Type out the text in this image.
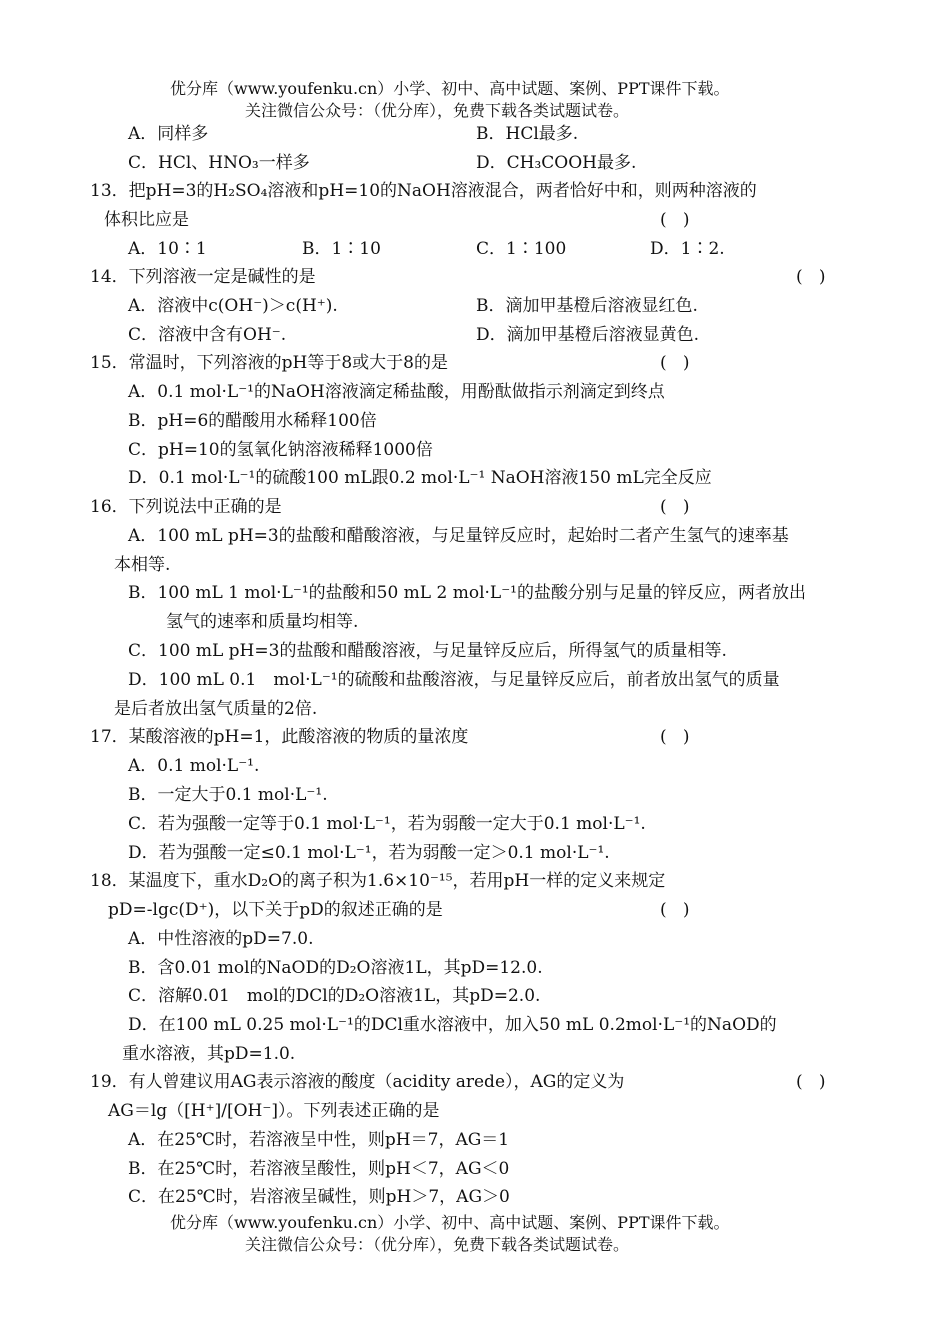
优分库（www.youfenku.cn）小学、初中、高中试题、案例、PPT课件下载。
关注微信公众号：（优分库），免费下载各类试题试卷。
A．同样多	B．HCl最多.
C．HCl、HNO₃一样多	D．CH₃COOH最多.
13．把pH=3的H₂SO₄溶液和pH=10的NaOH溶液混合，两者恰好中和，则两种溶液的
体积比应是	(   )
A．10∶1	B．1∶10	C．1∶100	D．1∶2.
14．下列溶液一定是碱性的是	(   )
A．溶液中c(OH⁻)＞c(H⁺).	B．滴加甲基橙后溶液显红色.
C．溶液中含有OH⁻.	D．滴加甲基橙后溶液显黄色.
15．常温时，下列溶液的pH等于8或大于8的是	(   )
A．0.1 mol·L⁻¹的NaOH溶液滴定稀盐酸，用酚酞做指示剂滴定到终点
B．pH=6的醋酸用水稀释100倍
C．pH=10的氢氧化钠溶液稀释1000倍
D．0.1 mol·L⁻¹的硫酸100 mL跟0.2 mol·L⁻¹ NaOH溶液150 mL完全反应
16．下列说法中正确的是	(   )
A．100 mL pH=3的盐酸和醋酸溶液，与足量锌反应时，起始时二者产生氢气的速率基
本相等.
B．100 mL 1 mol·L⁻¹的盐酸和50 mL 2 mol·L⁻¹的盐酸分别与足量的锌反应，两者放出
氢气的速率和质量均相等.
C．100 mL pH=3的盐酸和醋酸溶液，与足量锌反应后，所得氢气的质量相等.
D．100 mL 0.1　mol·L⁻¹的硫酸和盐酸溶液，与足量锌反应后，前者放出氢气的质量
是后者放出氢气质量的2倍.
17．某酸溶液的pH=1，此酸溶液的物质的量浓度	(   )
A．0.1 mol·L⁻¹.
B．一定大于0.1 mol·L⁻¹.
C．若为强酸一定等于0.1 mol·L⁻¹，若为弱酸一定大于0.1 mol·L⁻¹.
D．若为强酸一定≤0.1 mol·L⁻¹，若为弱酸一定＞0.1 mol·L⁻¹.
18．某温度下，重水D₂O的离子积为1.6×10⁻¹⁵，若用pH一样的定义来规定
pD=-lgc(D⁺)，以下关于pD的叙述正确的是	(   )
A．中性溶液的pD=7.0.
B．含0.01 mol的NaOD的D₂O溶液1L，其pD=12.0.
C．溶解0.01　mol的DCl的D₂O溶液1L，其pD=2.0.
D．在100 mL 0.25 mol·L⁻¹的DCl重水溶液中，加入50 mL 0.2mol·L⁻¹的NaOD的
重水溶液，其pD=1.0.
19．有人曾建议用AG表示溶液的酸度（acidity arede），AG的定义为	(   )
AG＝lg（[H⁺]/[OH⁻]）。下列表述正确的是
A．在25℃时，若溶液呈中性，则pH＝7，AG＝1
B．在25℃时，若溶液呈酸性，则pH＜7，AG＜0
C．在25℃时，岩溶液呈碱性，则pH＞7，AG＞0
优分库（www.youfenku.cn）小学、初中、高中试题、案例、PPT课件下载。
关注微信公众号：（优分库），免费下载各类试题试卷。
